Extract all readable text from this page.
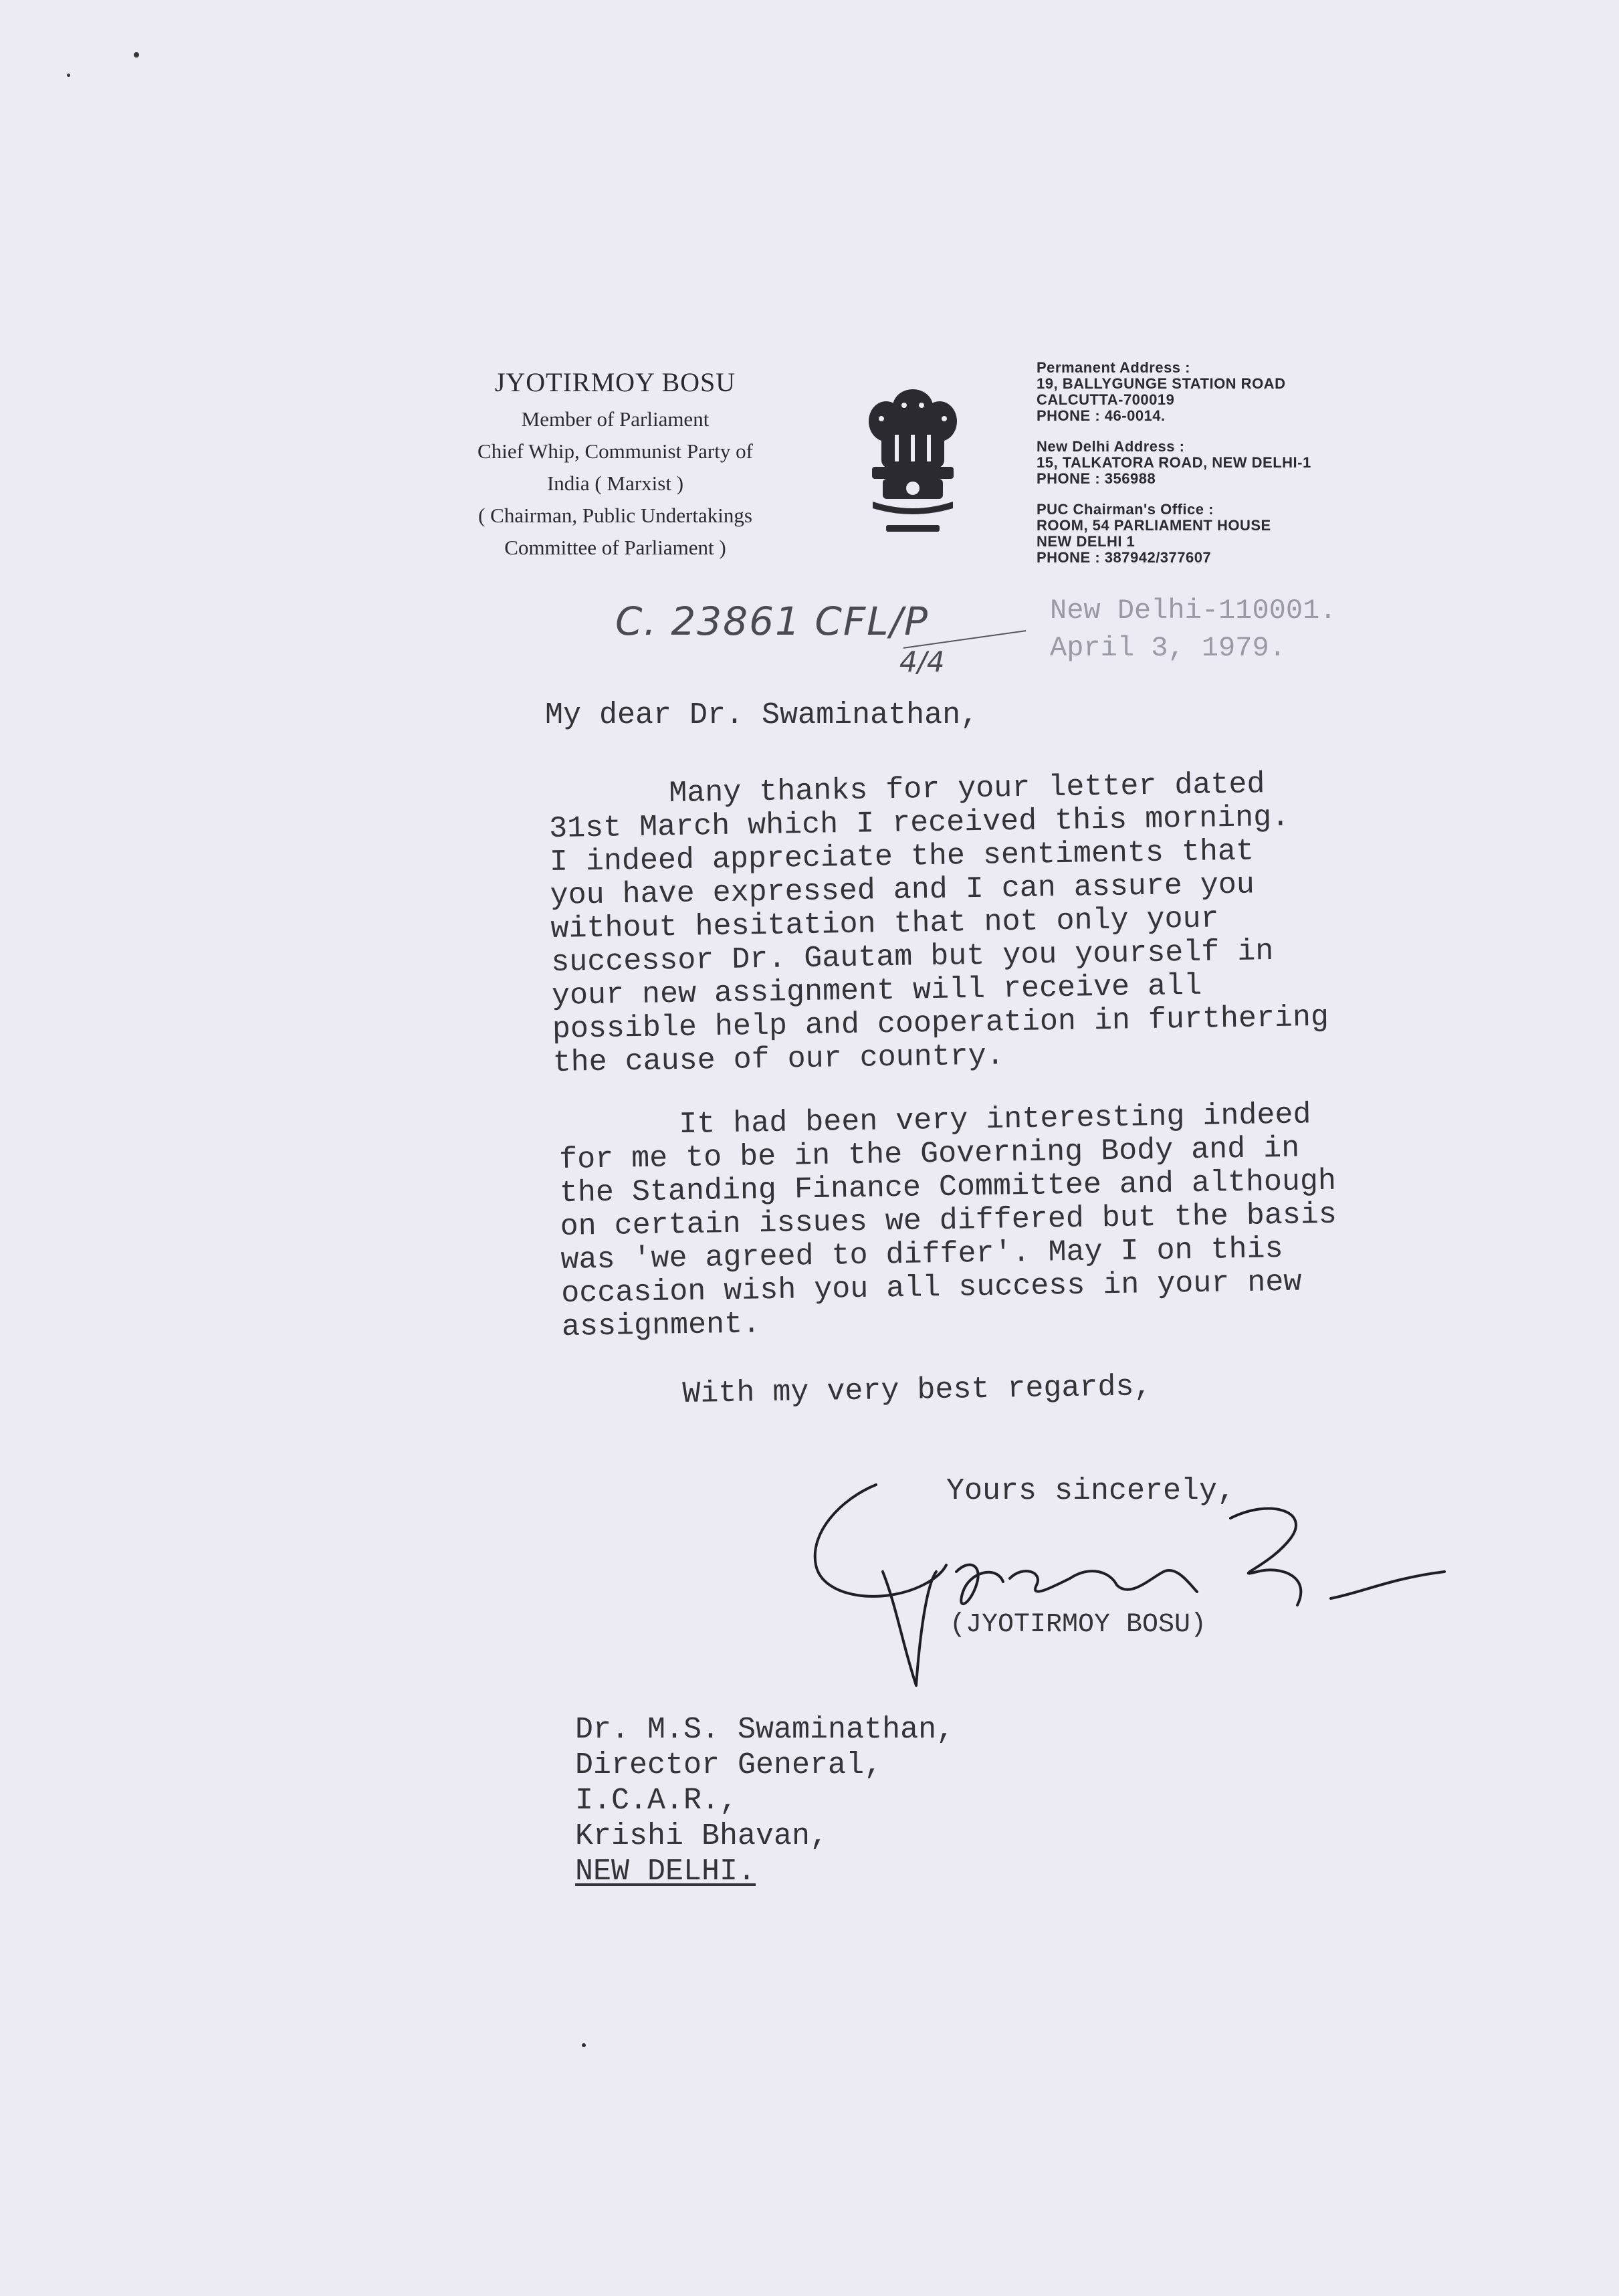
JYOTIRMOY BOSU
Member of Parliament
Chief Whip, Communist Party of
India ( Marxist )
( Chairman, Public Undertakings
Committee of Parliament )
Permanent Address :
19, BALLYGUNGE STATION ROAD
CALCUTTA-700019
PHONE : 46-0014.
New Delhi Address :
15, TALKATORA ROAD, NEW DELHI-1
PHONE : 356988
PUC Chairman's Office :
ROOM, 54 PARLIAMENT HOUSE
NEW DELHI 1
PHONE : 387942/377607
C. 23861 CFL/P
4/4
New Delhi-110001.
April 3, 1979.
My dear Dr. Swaminathan,
Many thanks for your letter dated
31st March which I received this morning.
I indeed appreciate the sentiments that
you have expressed and I can assure you
without hesitation that not only your
successor Dr. Gautam but you yourself in
your new assignment will receive all
possible help and cooperation in furthering
the cause of our country.
It had been very interesting indeed
for me to be in the Governing Body and in
the Standing Finance Committee and although
on certain issues we differed but the basis
was 'we agreed to differ'. May I on this
occasion wish you all success in your new
assignment.
With my very best regards,
Yours sincerely,
(JYOTIRMOY BOSU)
Dr. M.S. Swaminathan,
Director General,
I.C.A.R.,
Krishi Bhavan,
NEW DELHI.
